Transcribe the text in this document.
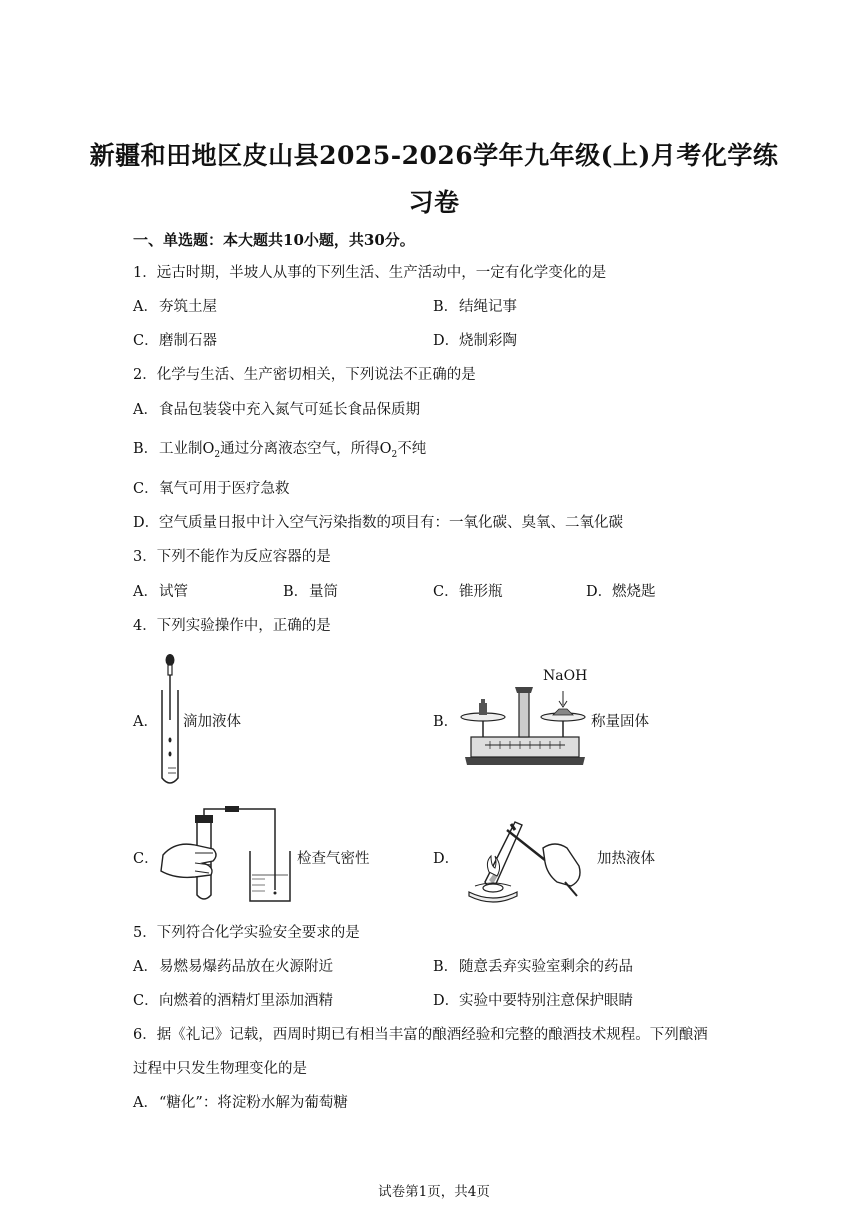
新疆和田地区皮山县2025-2026学年九年级(上)月考化学练
习卷
一、单选题：本大题共10小题，共30分。
1．远古时期，半坡人从事的下列生活、生产活动中，一定有化学变化的是
A．夯筑土屋	B．结绳记事
C．磨制石器	D．烧制彩陶
2．化学与生活、生产密切相关，下列说法不正确的是
A．食品包装袋中充入氮气可延长食品保质期
B．工业制$O_2$通过分离液态空气，所得$O_2$不纯
C．氧气可用于医疗急救
D．空气质量日报中计入空气污染指数的项目有：一氧化碳、臭氧、二氧化碳
3．下列不能作为反应容器的是
A．试管	B．量筒	C．锥形瓶	D．燃烧匙
4．下列实验操作中，正确的是
A． 滴加液体	B．
NaOH
称量固体
C．	检查气密性	D．	加热液体
5．下列符合化学实验安全要求的是
A．易燃易爆药品放在火源附近	B．随意丢弃实验室剩余的药品
C．向燃着的酒精灯里添加酒精	D．实验中要特别注意保护眼睛
6．据《礼记》记载，西周时期已有相当丰富的酿酒经验和完整的酿酒技术规程。下列酿酒
过程中只发生物理变化的是
A．“糖化”：将淀粉水解为葡萄糖
试卷第1页，共4页
